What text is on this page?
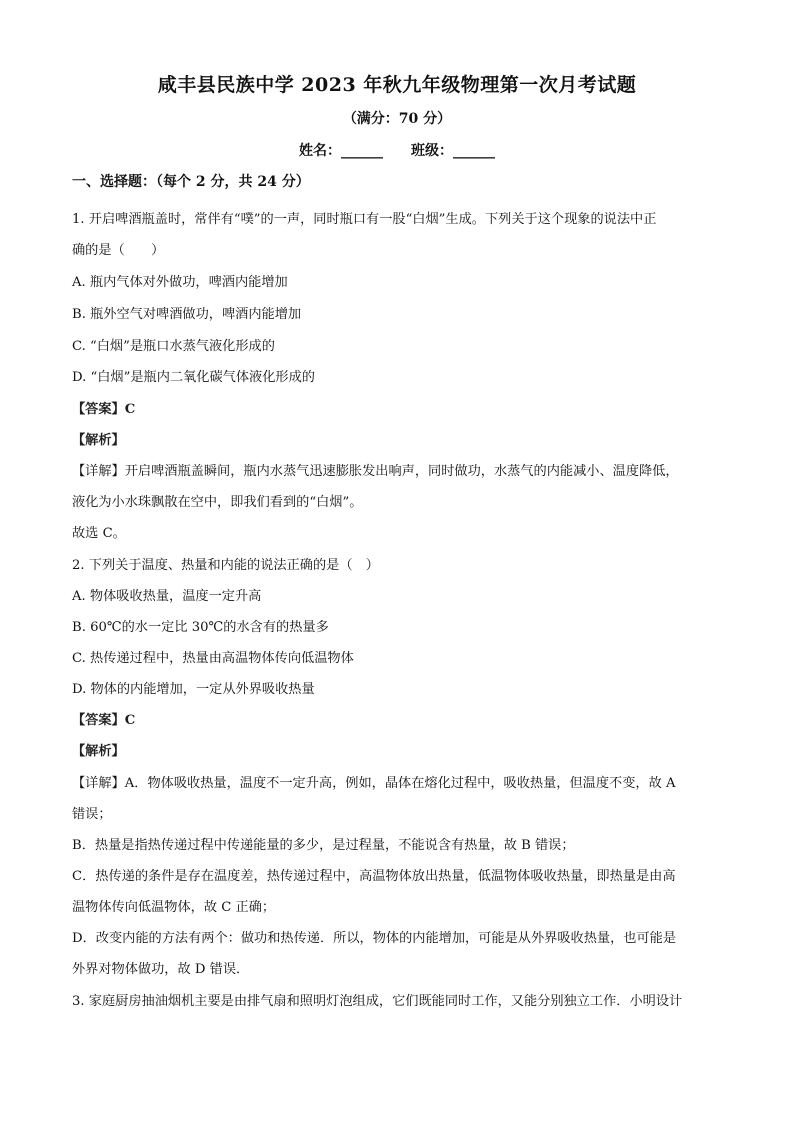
咸丰县民族中学 2023 年秋九年级物理第一次月考试题
（满分：70 分）
姓名：______ 班级：______
一、选择题：（每个 2 分，共 24 分）
1. 开启啤酒瓶盖时，常伴有“噗”的一声，同时瓶口有一股“白烟”生成。下列关于这个现象的说法中正
确的是（　　）
A. 瓶内气体对外做功，啤酒内能增加
B. 瓶外空气对啤酒做功，啤酒内能增加
C. “白烟”是瓶口水蒸气液化形成的
D. “白烟”是瓶内二氧化碳气体液化形成的
【答案】C
【解析】
【详解】开启啤酒瓶盖瞬间，瓶内水蒸气迅速膨胀发出响声，同时做功，水蒸气的内能减小、温度降低，
液化为小水珠飘散在空中，即我们看到的“白烟”。
故选 C。
2. 下列关于温度、热量和内能的说法正确的是（　）
A. 物体吸收热量，温度一定升高
B. 60℃的水一定比 30℃的水含有的热量多
C. 热传递过程中，热量由高温物体传向低温物体
D. 物体的内能增加，一定从外界吸收热量
【答案】C
【解析】
【详解】A．物体吸收热量，温度不一定升高，例如，晶体在熔化过程中，吸收热量，但温度不变，故 A
错误；
B．热量是指热传递过程中传递能量的多少，是过程量，不能说含有热量，故 B 错误；
C．热传递的条件是存在温度差，热传递过程中，高温物体放出热量，低温物体吸收热量，即热量是由高
温物体传向低温物体，故 C 正确；
D．改变内能的方法有两个：做功和热传递．所以，物体的内能增加，可能是从外界吸收热量，也可能是
外界对物体做功，故 D 错误．
3. 家庭厨房抽油烟机主要是由排气扇和照明灯泡组成，它们既能同时工作，又能分别独立工作．小明设计
